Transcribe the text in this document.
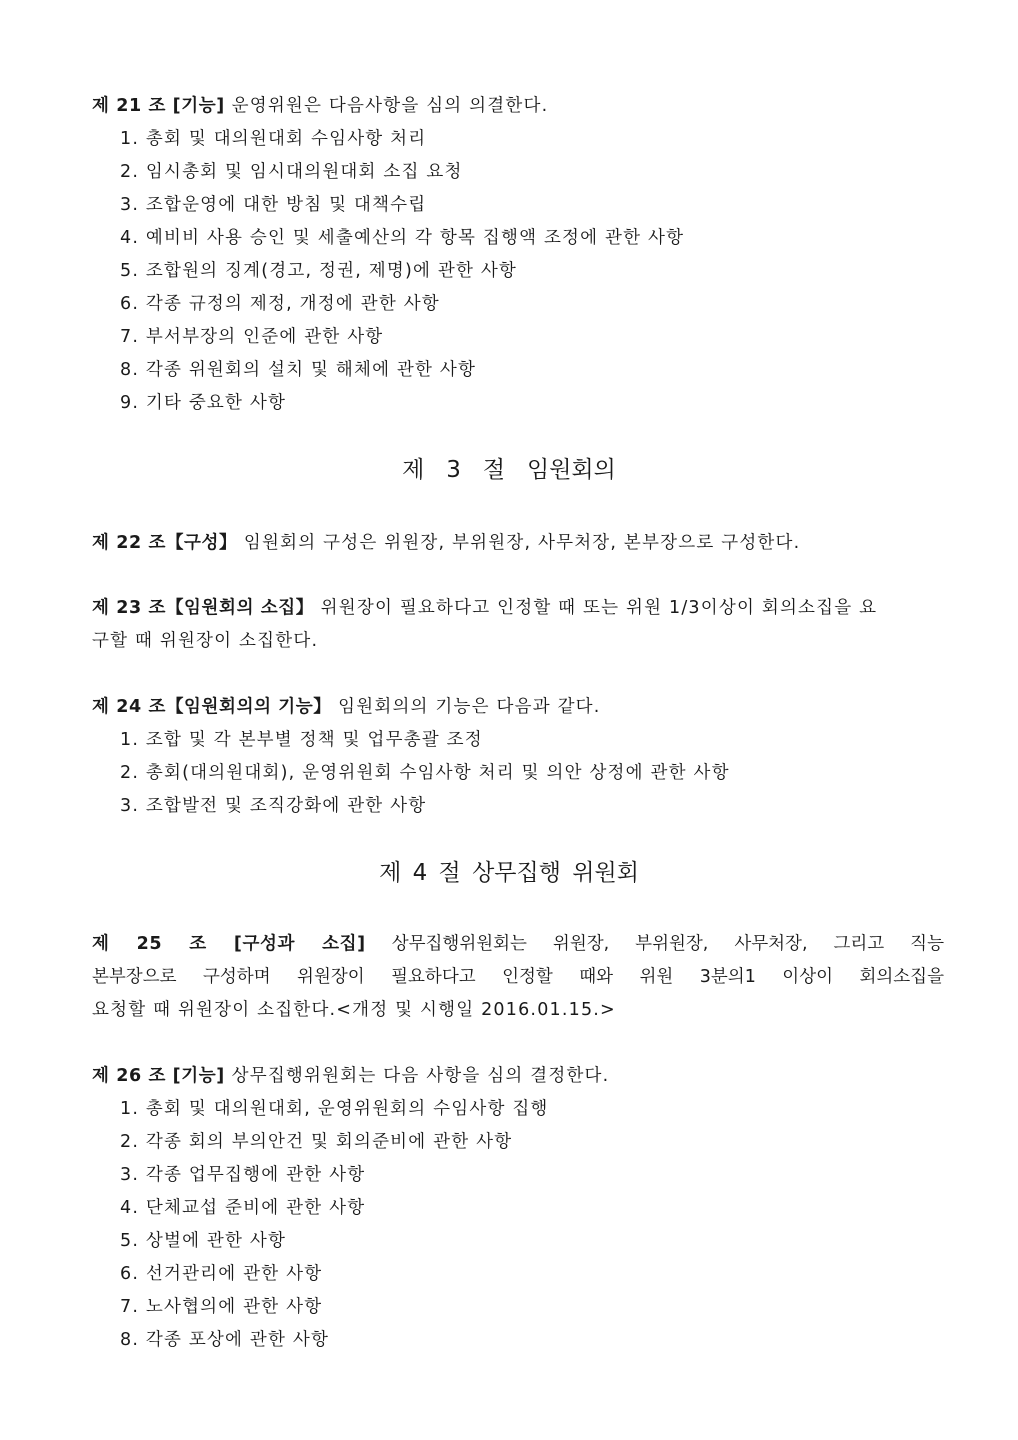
제 21 조 [기능] 운영위원은 다음사항을 심의 의결한다.
1. 총회 및 대의원대회 수임사항 처리
2. 임시총회 및 임시대의원대회 소집 요청
3. 조합운영에 대한 방침 및 대책수립
4. 예비비 사용 승인 및 세출예산의 각 항목 집행액 조정에 관한 사항
5. 조합원의 징계(경고, 정권, 제명)에 관한 사항
6. 각종 규정의 제정, 개정에 관한 사항
7. 부서부장의 인준에 관한 사항
8. 각종 위원회의 설치 및 해체에 관한 사항
9. 기타 중요한 사항
제   3   절   임원회의
제 22 조【구성】 임원회의 구성은 위원장, 부위원장, 사무처장, 본부장으로 구성한다.
제 23 조【임원회의 소집】 위원장이 필요하다고 인정할 때 또는 위원 1/3이상이 회의소집을 요
구할 때 위원장이 소집한다.
제 24 조【임원회의의 기능】 임원회의의 기능은 다음과 같다.
1. 조합 및 각 본부별 정책 및 업무총괄 조정
2. 총회(대의원대회), 운영위원회 수임사항 처리 및 의안 상정에 관한 사항
3. 조합발전 및 조직강화에 관한 사항
제 4 절 상무집행 위원회
제 25 조 [구성과 소집] 상무집행위원회는 위원장, 부위원장, 사무처장, 그리고 직능
본부장으로 구성하며 위원장이 필요하다고 인정할 때와 위원 3분의1 이상이 회의소집을
요청할 때 위원장이 소집한다.<개정 및 시행일 2016.01.15.>
제 26 조 [기능] 상무집행위원회는 다음 사항을 심의 결정한다.
1. 총회 및 대의원대회, 운영위원회의 수임사항 집행
2. 각종 회의 부의안건 및 회의준비에 관한 사항
3. 각종 업무집행에 관한 사항
4. 단체교섭 준비에 관한 사항
5. 상벌에 관한 사항
6. 선거관리에 관한 사항
7. 노사협의에 관한 사항
8. 각종 포상에 관한 사항
